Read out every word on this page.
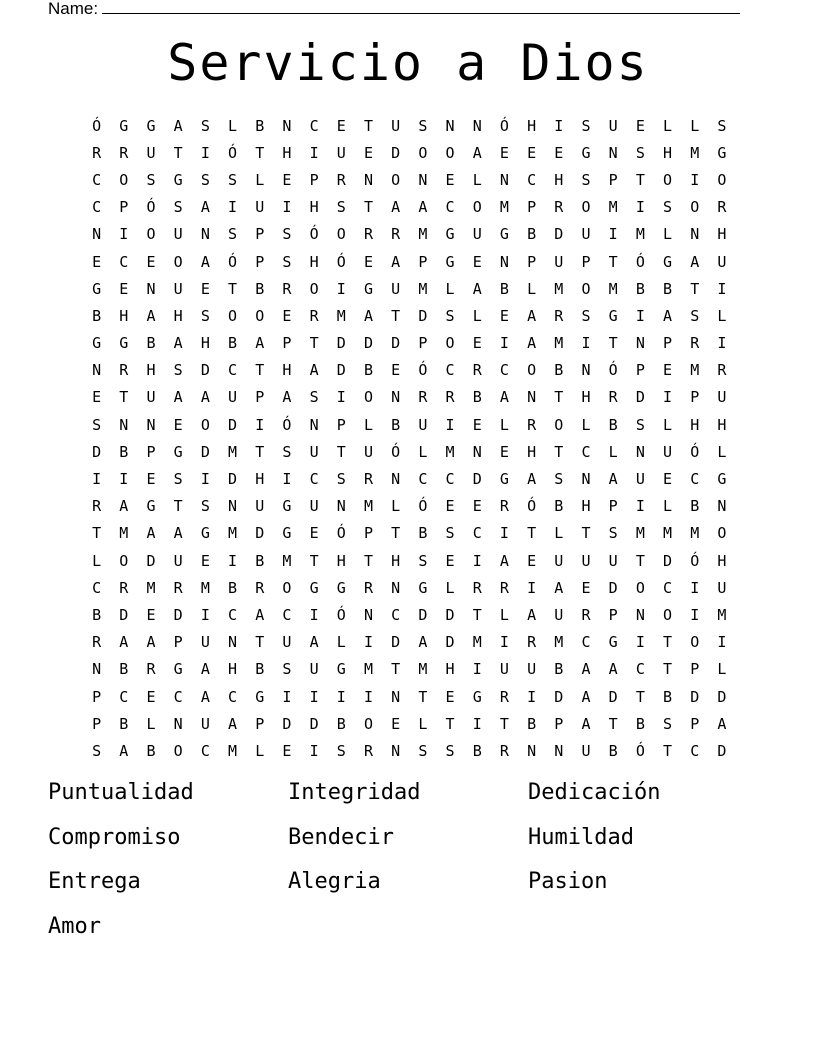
Name:
Servicio a Dios
Ó	G	G	A	S	L	B	N	C	E	T	U	S	N	N	Ó	H	I	S	U	E	L	L	S
R	R	U	T	I	Ó	T	H	I	U	E	D	O	O	A	E	E	E	G	N	S	H	M	G
C	O	S	G	S	S	L	E	P	R	N	O	N	E	L	N	C	H	S	P	T	O	I	O
C	P	Ó	S	A	I	U	I	H	S	T	A	A	C	O	M	P	R	O	M	I	S	O	R
N	I	O	U	N	S	P	S	Ó	O	R	R	M	G	U	G	B	D	U	I	M	L	N	H
E	C	E	O	A	Ó	P	S	H	Ó	E	A	P	G	E	N	P	U	P	T	Ó	G	A	U
G	E	N	U	E	T	B	R	O	I	G	U	M	L	A	B	L	M	O	M	B	B	T	I
B	H	A	H	S	O	O	E	R	M	A	T	D	S	L	E	A	R	S	G	I	A	S	L
G	G	B	A	H	B	A	P	T	D	D	D	P	O	E	I	A	M	I	T	N	P	R	I
N	R	H	S	D	C	T	H	A	D	B	E	Ó	C	R	C	O	B	N	Ó	P	E	M	R
E	T	U	A	A	U	P	A	S	I	O	N	R	R	B	A	N	T	H	R	D	I	P	U
S	N	N	E	O	D	I	Ó	N	P	L	B	U	I	E	L	R	O	L	B	S	L	H	H
D	B	P	G	D	M	T	S	U	T	U	Ó	L	M	N	E	H	T	C	L	N	U	Ó	L
I	I	E	S	I	D	H	I	C	S	R	N	C	C	D	G	A	S	N	A	U	E	C	G
R	A	G	T	S	N	U	G	U	N	M	L	Ó	E	E	R	Ó	B	H	P	I	L	B	N
T	M	A	A	G	M	D	G	E	Ó	P	T	B	S	C	I	T	L	T	S	M	M	M	O
L	O	D	U	E	I	B	M	T	H	T	H	S	E	I	A	E	U	U	U	T	D	Ó	H
C	R	M	R	M	B	R	O	G	G	R	N	G	L	R	R	I	A	E	D	O	C	I	U
B	D	E	D	I	C	A	C	I	Ó	N	C	D	D	T	L	A	U	R	P	N	O	I	M
R	A	A	P	U	N	T	U	A	L	I	D	A	D	M	I	R	M	C	G	I	T	O	I
N	B	R	G	A	H	B	S	U	G	M	T	M	H	I	U	U	B	A	A	C	T	P	L
P	C	E	C	A	C	G	I	I	I	I	N	T	E	G	R	I	D	A	D	T	B	D	D
P	B	L	N	U	A	P	D	D	B	O	E	L	T	I	T	B	P	A	T	B	S	P	A
S	A	B	O	C	M	L	E	I	S	R	N	S	S	B	R	N	N	U	B	Ó	T	C	D
Puntualidad	Integridad	Dedicación
Compromiso	Bendecir	Humildad
Entrega	Alegria	Pasion
Amor
